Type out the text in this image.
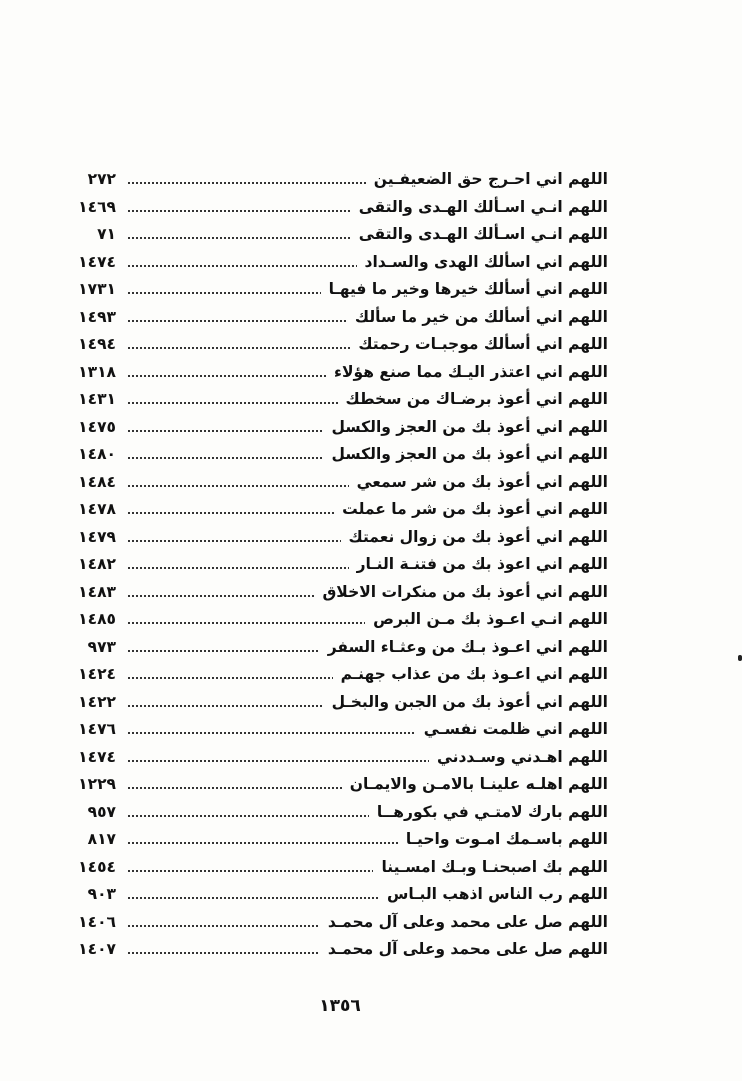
اللهم اني احـرج حق الضعيفـين
٢٧٢
اللهم انـي اسـألك الهـدى والتقى
١٤٦٩
اللهم انـي اسـألك الهـدى والتقى
٧١
اللهم اني اسألك الهدى والسـداد
١٤٧٤
اللهم اني أسألك خيرها وخير ما فيهـا
١٧٣١
اللهم اني أسألك من خير ما سألك
١٤٩٣
اللهم اني أسألك موجبـات رحمتك
١٤٩٤
اللهم اني اعتذر اليـك مما صنع هؤلاء
١٣١٨
اللهم اني أعوذ برضـاك من سخطك
١٤٣١
اللهم اني أعوذ بك من العجز والكسل
١٤٧٥
اللهم اني أعوذ بك من العجز والكسل
١٤٨٠
اللهم اني أعوذ بك من شر سمعي
١٤٨٤
اللهم اني أعوذ بك من شر ما عملت
١٤٧٨
اللهم اني أعوذ بك من زوال نعمتك
١٤٧٩
اللهم اني اعوذ بك من فتنـة النـار
١٤٨٢
اللهم اني أعوذ بك من منكرات الاخلاق
١٤٨٣
اللهم انـي اعـوذ بك مـن البرص
١٤٨٥
اللهم اني اعـوذ بـك من وعثـاء السفر
٩٧٣
اللهم اني اعـوذ بك من عذاب جهنـم
١٤٢٤
اللهم اني أعوذ بك من الجبن والبخـل
١٤٢٢
اللهم اني ظلمت نفسـي
١٤٧٦
اللهم اهـدني وسـددني
١٤٧٤
اللهم اهلـه علينـا بالامـن والايمـان
١٢٢٩
اللهم بارك لامتـي في بكورهــا
٩٥٧
اللهم باسـمك امـوت واحيـا
٨١٧
اللهم بك اصبحنـا وبـك امسـينا
١٤٥٤
اللهم رب الناس اذهب البـاس
٩٠٣
اللهم صل على محمد وعلى آل محمـد
١٤٠٦
اللهم صل على محمد وعلى آل محمـد
١٤٠٧
١٣٥٦
